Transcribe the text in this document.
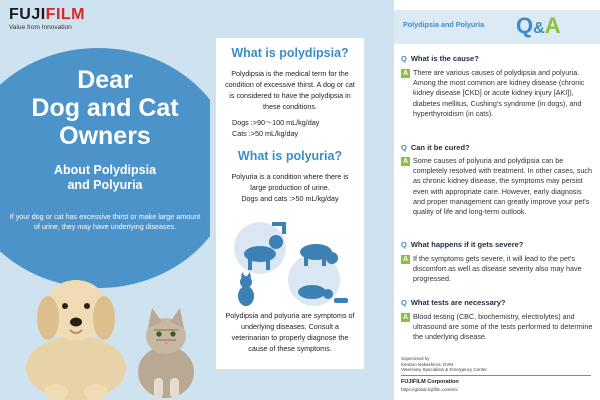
FUJIFILM
Value from Innovation
Dear
Dog and Cat
Owners
About Polydipsia
and Polyuria
If your dog or cat has excessive thirst or make large amount of urine, they may have underlying diseases.
What is polydipsia?
Polydipsia is the medical term for the condition of excessive thirst. A dog or cat is considered to have the polydipsia in these conditions.
Dogs :>90〜100 mL/kg/day
Cats :>50 mL/kg/day
What is polyuria?
Polyuria is a condition where there is large production of urine.
Dogs and cats :>50 mL/kg/day
Polydipsia and polyuria are symptoms of underlying diseases. Consult a veterinarian to properly diagnose the cause of these symptoms.
Polydipsia and Polyuria Q&A
Q What is the cause?
A There are various causes of polydipsia and polyuria. Among the most common are kidney disease (chronic kidney disease [CKD] or acute kidney injury [AKI]), diabetes mellitus, Cushing's syndrome (in dogs), and hyperthyroidism (in cats).
Q Can it be cured?
A Some causes of polyuria and polydipsia can be completely resolved with treatment. In other cases, such as chronic kidney disease, the symptoms may persist even with appropriate care. However, early diagnosis and proper management can greatly improve your pet's quality of life and long-term outlook.
Q What happens if it gets severe?
A If the symptoms gets severe, it will lead to the pet's discomfort as well as disease severity also may have progressed.
Q What tests are necessary?
A Blood testing (CBC, biochemistry, electrolytes) and ultrasound are some of the tests performed to determine the underlying disease.
Supervised by
Kentaro Nakashima, DVM
Veterinary Specialists & Emergency Center
FUJIFILM Corporation
https://global.fujifilm.com/en/
